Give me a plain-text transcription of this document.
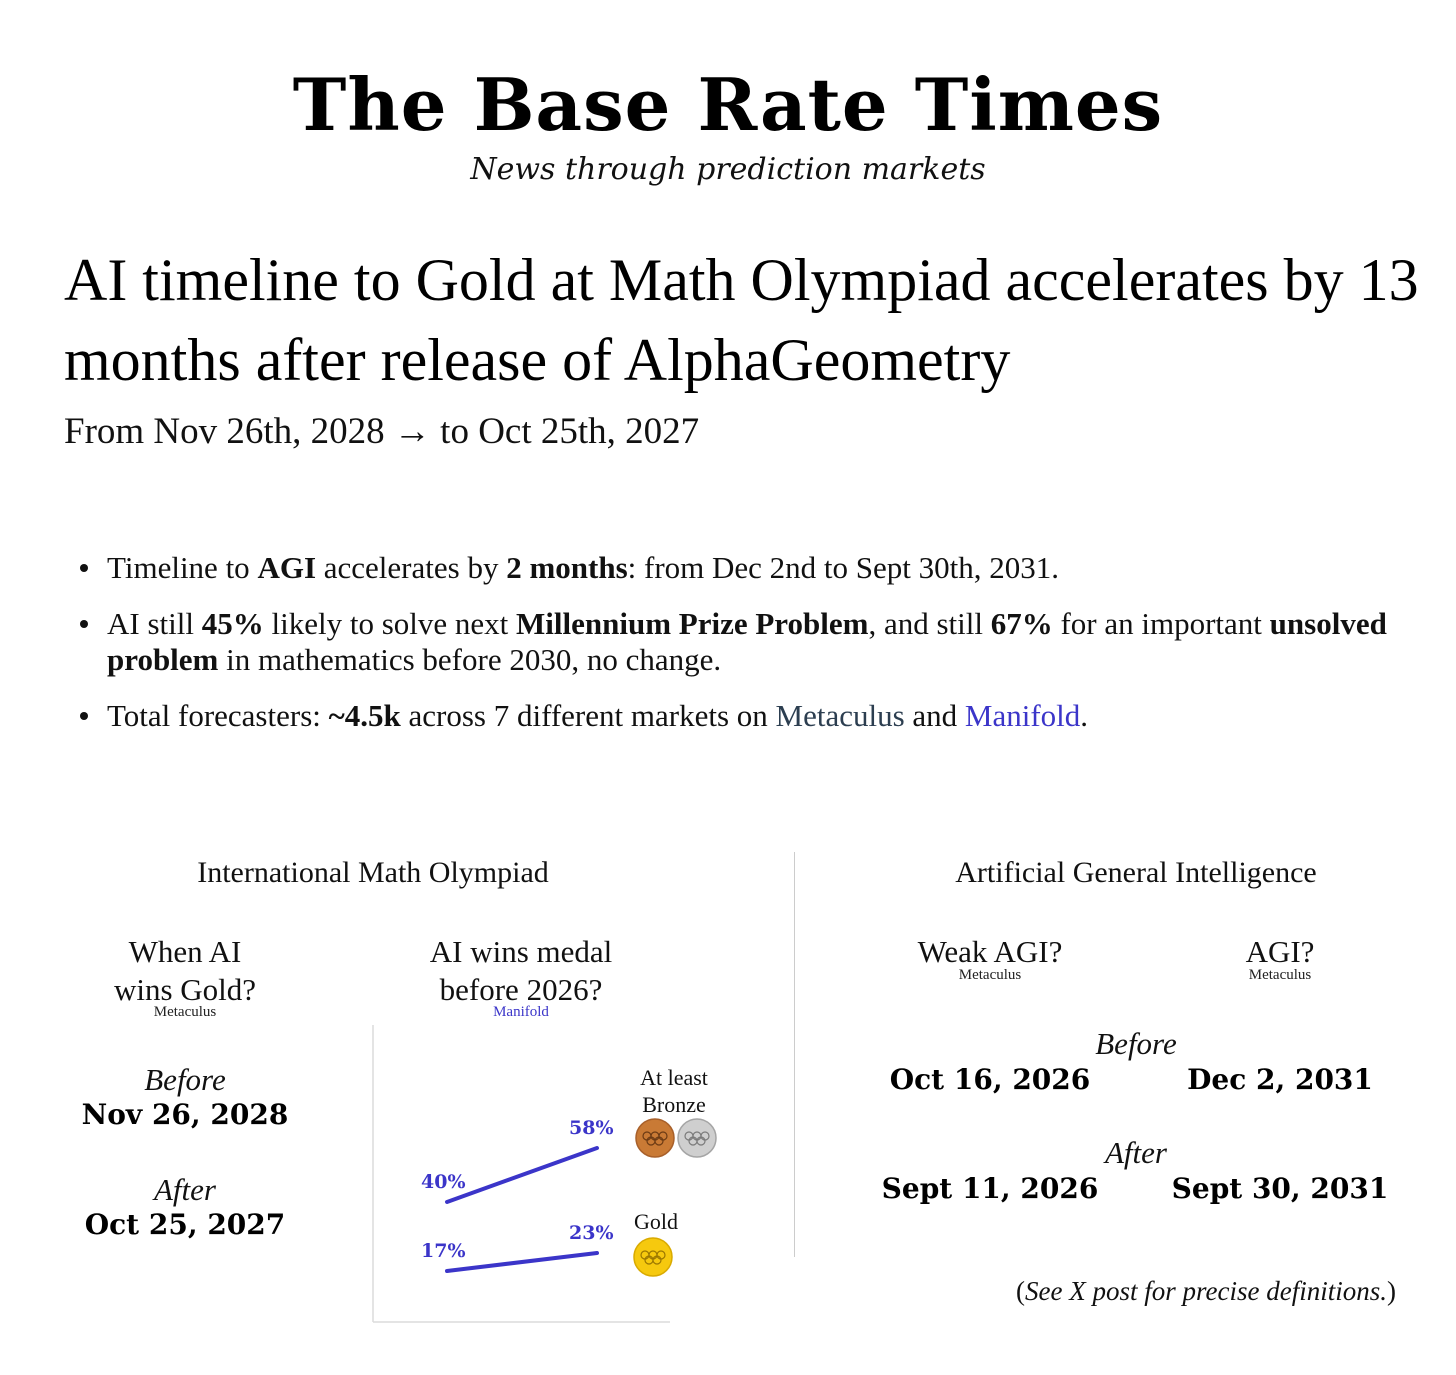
The Base Rate Times
News through prediction markets
AI timeline to Gold at Math Olympiad accelerates by 13 months after release of AlphaGeometry
From Nov 26th, 2028 → to Oct 25th, 2027
Timeline to AGI accelerates by 2 months: from Dec 2nd to Sept 30th, 2031.
AI still 45% likely to solve next Millennium Prize Problem, and still 67% for an important unsolved problem in mathematics before 2030, no change.
Total forecasters: ~4.5k across 7 different markets on Metaculus and Manifold.
International Math Olympiad
When AI
wins Gold?
Metaculus
Before
Nov 26, 2028
After
Oct 25, 2027
AI wins medal
before 2026?
Manifold
40%
58%
17%
23%
At least
Bronze
Gold
Artificial General Intelligence
Weak AGI?
Metaculus
AGI?
Metaculus
Before
Oct 16, 2026	Dec 2, 2031
After
Sept 11, 2026	Sept 30, 2031
(See X post for precise definitions.)
